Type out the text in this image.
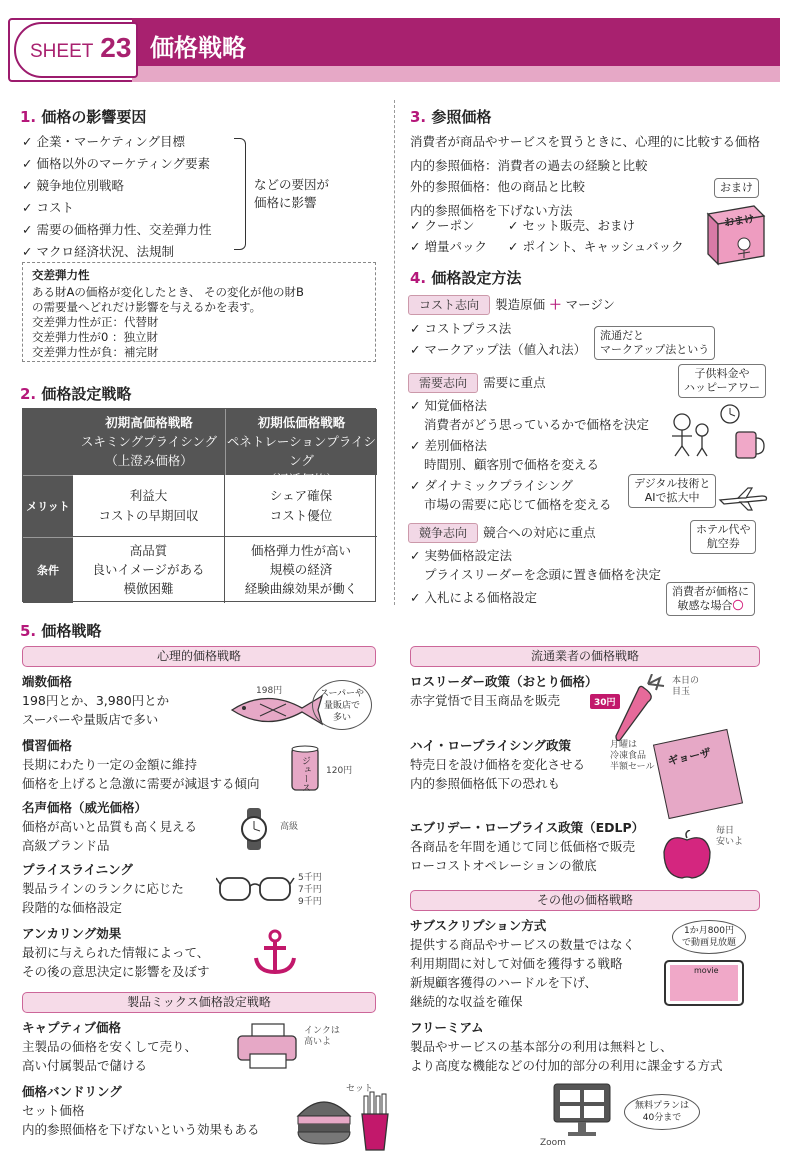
SHEET 23 価格戦略
1. 価格の影響要因
✓ 企業・マーケティング目標
✓ 価格以外のマーケティング要素
✓ 競争地位別戦略
✓ コスト
✓ 需要の価格弾力性、交差弾力性
✓ マクロ経済状況、法規制
などの要因が
価格に影響
交差弾力性
ある財Aの価格が変化したとき、 その変化が他の財B
の需要量へどれだけ影響を与えるかを表す。
交差弾力性が正：代替財
交差弾力性が0 ：独立財
交差弾力性が負：補完財
2. 価格設定戦略
初期高価格戦略
スキミングプライシング
（上澄み価格）
初期低価格戦略
ペネトレーションプライシング
（浸透価格）
メリット
利益大
コストの早期回収
シェア確保
コスト優位
条件
高品質
良いイメージがある
模倣困難
価格弾力性が高い
規模の経済
経験曲線効果が働く
3. 参照価格
消費者が商品やサービスを買うときに、心理的に比較する価格
内的参照価格：消費者の過去の経験と比較
外的参照価格：他の商品と比較
内的参照価格を下げない方法
✓ クーポン	✓ セット販売、おまけ
✓ 増量パック ✓ ポイント、キャッシュバック
おまけ
おまけ
4. 価格設定方法
コスト志向 製造原価 ＋ マージン
✓ コストプラス法
✓ マークアップ法（値入れ法）
流通だと
マークアップ法という
需要志向 需要に重点
✓ 知覚価格法
消費者がどう思っているかで価格を決定
✓ 差別価格法
時間別、顧客別で価格を変える
✓ ダイナミックプライシング
市場の需要に応じて価格を変える
子供料金や
ハッピーアワー
デジタル技術と
AIで拡大中
競争志向 競合への対応に重点
✓ 実勢価格設定法
プライスリーダーを念頭に置き価格を決定
✓ 入札による価格設定
ホテル代や
航空券
消費者が価格に
敏感な場合〇
5. 価格戦略
心理的価格戦略
端数価格
198円とか、3,980円とか
スーパーや量販店で多い
慣習価格
長期にわたり一定の金額に維持
価格を上げると急激に需要が減退する傾向
名声価格（威光価格）
価格が高いと品質も高く見える
高級ブランド品
プライスライニング
製品ラインのランクに応じた
段階的な価格設定
アンカリング効果
最初に与えられた情報によって、
その後の意思決定に影響を及ぼす
198円	スーパーや
量販店で
多い
ジュース 120円
高級
5千円
7千円
9千円
製品ミックス価格設定戦略
キャプティブ価格
主製品の価格を安くして売り、
高い付属製品で儲ける
価格バンドリング
セット価格
内的参照価格を下げないという効果もある
インクは
高いよ
セット
流通業者の価格戦略
ロスリーダー政策（おとり価格）
赤字覚悟で目玉商品を販売
ハイ・ロープライシング政策
特売日を設け価格を変化させる
内的参照価格低下の恐れも
エブリデー・ロープライス政策（EDLP）
各商品を年間を通じて同じ低価格で販売
ローコストオペレーションの徹底
30円
本日の
目玉
月曜は
冷凍食品
半額セール ギョーザ
毎日
安いよ
その他の価格戦略
サブスクリプション方式
提供する商品やサービスの数量ではなく
利用期間に対して対価を獲得する戦略
新規顧客獲得のハードルを下げ、
継続的な収益を確保
フリーミアム
製品やサービスの基本部分の利用は無料とし、
より高度な機能などの付加的部分の利用に課金する方式
1か月800円
で動画見放題
movie
Zoom
無料プランは
40分まで
